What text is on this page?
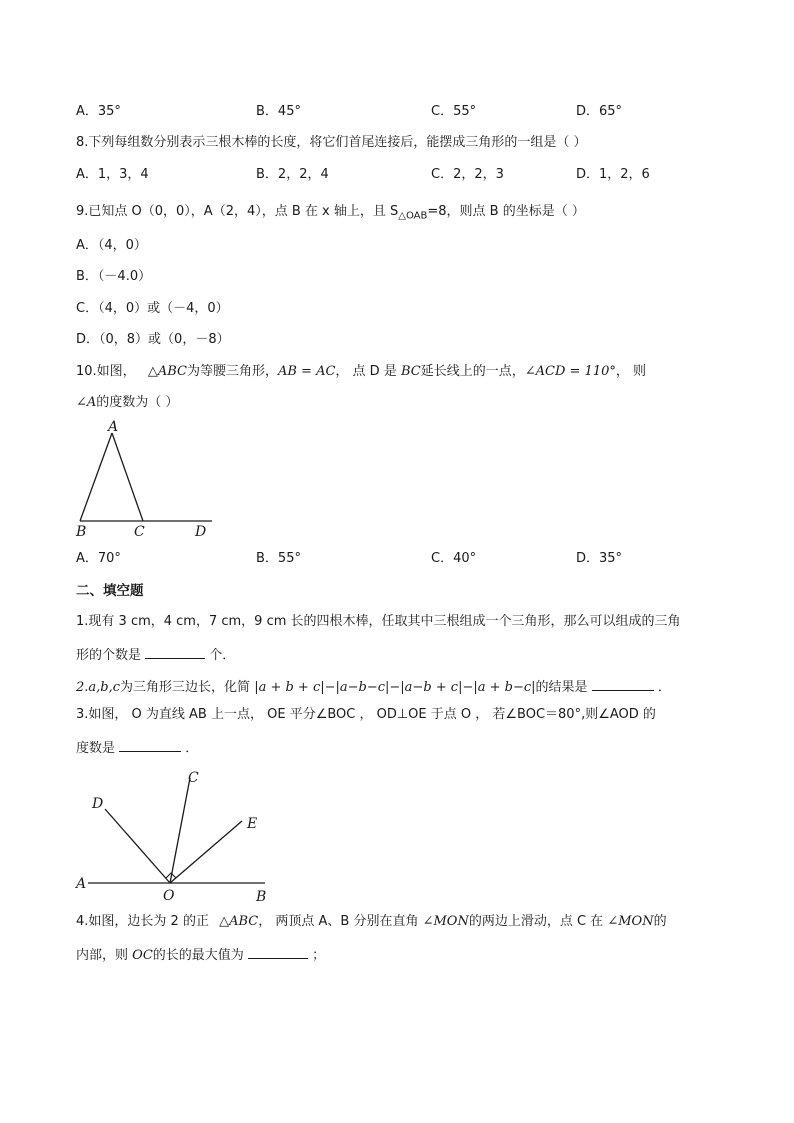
A．35°	B．45°	C．55°	D．65°
8.下列每组数分别表示三根木棒的长度，将它们首尾连接后，能摆成三角形的一组是（ ）
A．1，3，4	B．2，2，4	C．2，2，3	D．1，2，6
9.已知点 O（0，0），A（2，4），点 B 在 x 轴上，且 $S_{\triangle OAB}=8$，则点 B 的坐标是（ ）
A．（4，0）
B．（－4.0）
C．（4，0）或（－4，0）
D．（0，8）或（0，－8）
10.如图， △ABC为等腰三角形，AB = AC， 点 D 是 BC延长线上的一点，∠ACD = 110°， 则
∠A的度数为（ ）
A
B	C	D
A．70°	B．55°	C．40°	D．35°
二、填空题
1.现有 3 cm，4 cm，7 cm，9 cm 长的四根木棒，任取其中三根组成一个三角形，那么可以组成的三角
形的个数是	个．
2.a,b,c为三角形三边长，化简 |a + b + c|−|a−b−c|−|a−b + c|−|a + b−c|的结果是	．
3.如图， O 为直线 AB 上一点， OE 平分∠BOC ， OD⊥OE 于点 O ， 若∠BOC＝80°,则∠AOD 的
度数是	．
A
B
C
D
E
O
4.如图，边长为 2 的正 △ABC， 两顶点 A、B 分别在直角 ∠MON的两边上滑动，点 C 在 ∠MON的
内部，则 OC的长的最大值为	；
